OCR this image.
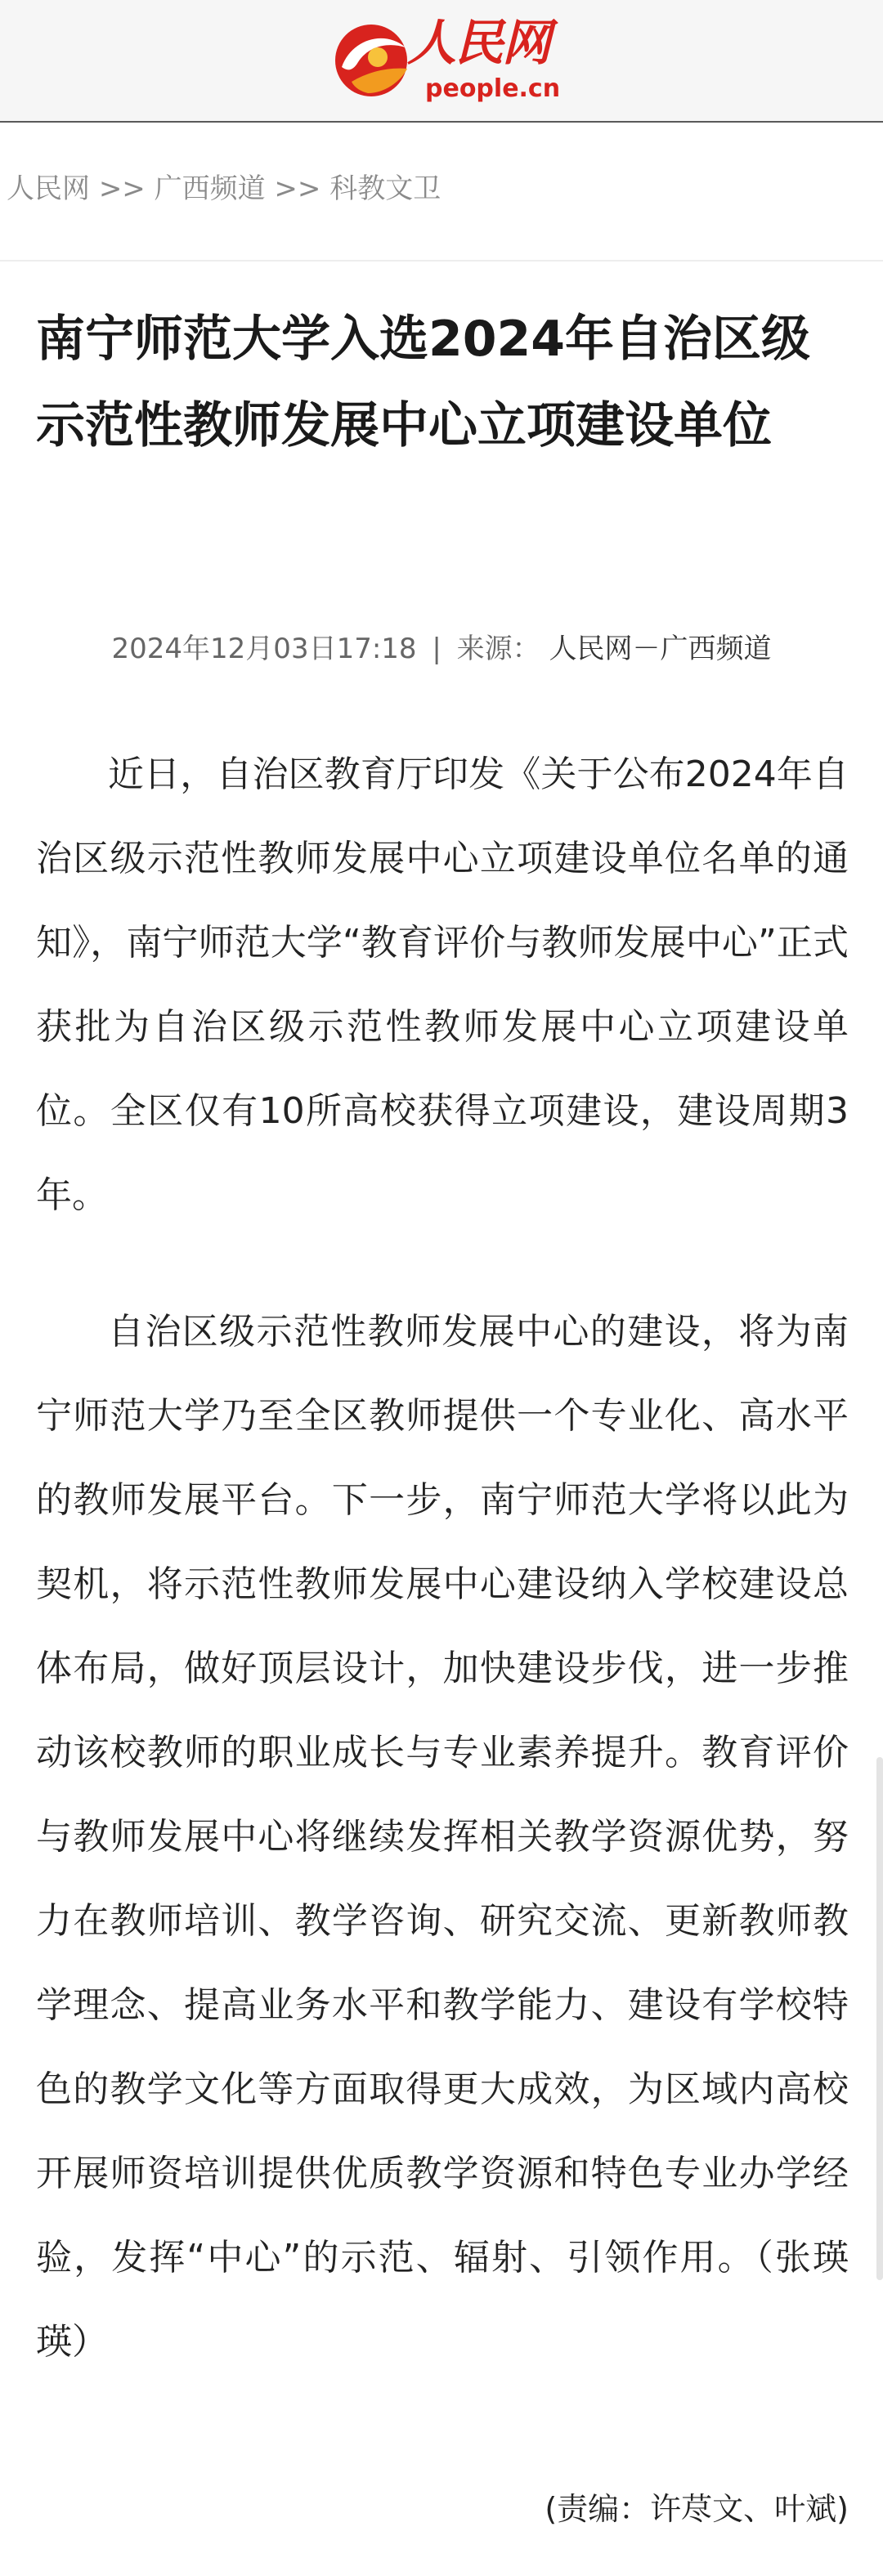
人民网
people.cn
人民网 >> 广西频道 >> 科教文卫
南宁师范大学入选2024年自治区级示范性教师发展中心立项建设单位
2024年12月03日17:18 | 来源： 人民网－广西频道

近日，自治区教育厅印发《关于公布2024年自治区级示范性教师发展中心立项建设单位名单的通知》，南宁师范大学“教育评价与教师发展中心”正式获批为自治区级示范性教师发展中心立项建设单位。全区仅有10所高校获得立项建设，建设周期3年。

自治区级示范性教师发展中心的建设，将为南宁师范大学乃至全区教师提供一个专业化、高水平的教师发展平台。下一步，南宁师范大学将以此为契机，将示范性教师发展中心建设纳入学校建设总体布局，做好顶层设计，加快建设步伐，进一步推动该校教师的职业成长与专业素养提升。教育评价与教师发展中心将继续发挥相关教学资源优势，努力在教师培训、教学咨询、研究交流、更新教师教学理念、提高业务水平和教学能力、建设有学校特色的教学文化等方面取得更大成效，为区域内高校开展师资培训提供优质教学资源和特色专业办学经验，发挥“中心”的示范、辐射、引领作用。（张瑛瑛）

(责编：许荩文、叶斌)
